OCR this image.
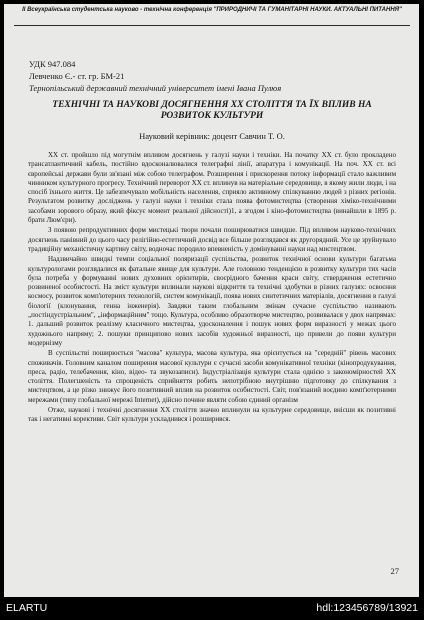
II Всеукраїнська студентська науково - технічна конференція "ПРИРОДНИЧІ ТА ГУМАНІТАРНІ НАУКИ. АКТУАЛЬНІ ПИТАННЯ"
УДК 947.084
Левченко Є.- ст. гр. БМ-21
Тернопільський державний технічний університет імені Івана Пулюя
ТЕХНІЧНІ ТА НАУКОВІ ДОСЯГНЕННЯ ХХ СТОЛІТТЯ ТА ЇХ ВПЛИВ НА РОЗВИТОК КУЛЬТУРИ
Науковий керівник: доцент Савчин Т. О.

ХХ ст. пройшло під могутнім впливом досягнень у галузі науки і техніки. На початку ХХ ст. було прокладено трансатлантичний кабель, постійно вдосконалювалися телеграфні лінії, апаратура і комунікації. На поч. ХХ ст. всі європейські держави були зв'язані між собою телеграфом. Розширення і прискорення потоку інформації стало важливим чинником культурного прогресу. Технічний переворот ХХ ст. вплинув на матеріальне середовище, в якому жили люди, і на спосіб їхнього життя. Це забезпечувало мобільність населення, сприяло активному спілкуванню людей з різних регіонів. Результатом розвитку досліджень у галузі науки і техніки стала поява фотомистецтва (створення хіміко-технічними засобами зорового образу, який фіксує момент реальної дійсності)1, а згодом і кіно-фотомистецтва (винайшли в 1895 р. брати Люм'єри).

З появою репродуктивних форм мистецькі твори почали поширюватися швидше. Під впливом науково-технічних досягнень панівний до цього часу релігійно-естетичний досвід все більше розглядався як другорядний. Усе це зруйнувало традиційну механістичну картину світу, водночас породило впевненість у домінуванні науки над мистецтвом.

Надзвичайно швидкі темпи соціальної поляризації суспільства, розвиток технічної основи культури багатьма культурологами розглядалися як фатальне явище для культури. Але головною тенденцією в розвитку культури тих часів була потреба у формуванні нових духовних орієнтирів, своєрідного бачення краси світу, ствердження естетично розвиненої особистості. На зміст культури вплинали наукові відкриття та технічні здобутки в різних галузях: освоєння космосу, розвиток комп'ютерних технологій, систем комунікації, поява нових синтетичних матеріалів, досягнення в галузі біології (клонування, генна інженерія). Завдяки таким глобальним змінам сучасне суспільство називають „постіндустріальним", „інформаційним" тощо. Культура, особливо образотворче мистецтво, розвивалася у двох напрямах: 1. дальший розвиток реалізму класичного мистецтва, удосконалення і пошук нових форм виразності у межах цього художнього напряму; 2. пошуки принципово нових засобів художньої виразності, що привели до появи культури модернізму

В суспільстві поширюється "масова" культура, масова культура, яка орієнтується на "середній" рівень масових споживачів. Головним каналом поширення масової культури є сучасні засоби комунікативної техніки (кінопродукування, преса, радіо, телебачення, кіно, відео- та звукозаписи). Індустріалізація культури стала однією з закономірностей ХХ століття. Полегшеність та спрощеність сприйняття робить непотрібною внутрішню підготовку до спілкування з мистецтвом, а це різко знижує його позитивний вплив на розвиток особистості. Світ, пов'язаний воєдино комп'ютерними мережами (типу глобальної мережі Internet), дійсно почине являти собою єдиний організм

Отже, наукові і технічні досягнення ХХ століття значно вплинули на культурне середовище, внісши як позитивні так і негативні корективи. Світ культури ускладнився і розширився.

27
ELARTU	hdl:123456789/13921
